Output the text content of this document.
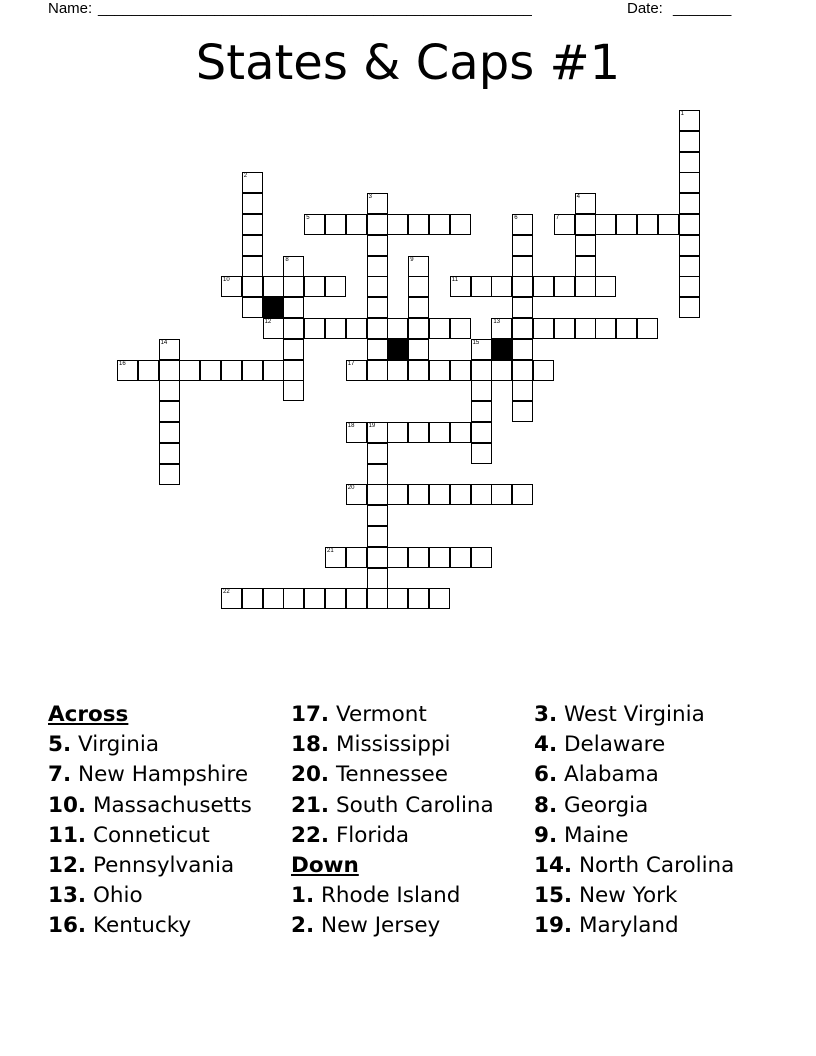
Name: ____________________________________________________	Date: _______
States & Caps #1
1
2
3	4
5	6	7
8	9
10	11
12	13
14	15
16	17
18 19
20
21
22
Across
5. Virginia
7. New Hampshire
10. Massachusetts
11. Conneticut
12. Pennsylvania
13. Ohio
16. Kentucky
17. Vermont
18. Mississippi
20. Tennessee
21. South Carolina
22. Florida
Down
1. Rhode Island
2. New Jersey
3. West Virginia
4. Delaware
6. Alabama
8. Georgia
9. Maine
14. North Carolina
15. New York
19. Maryland
